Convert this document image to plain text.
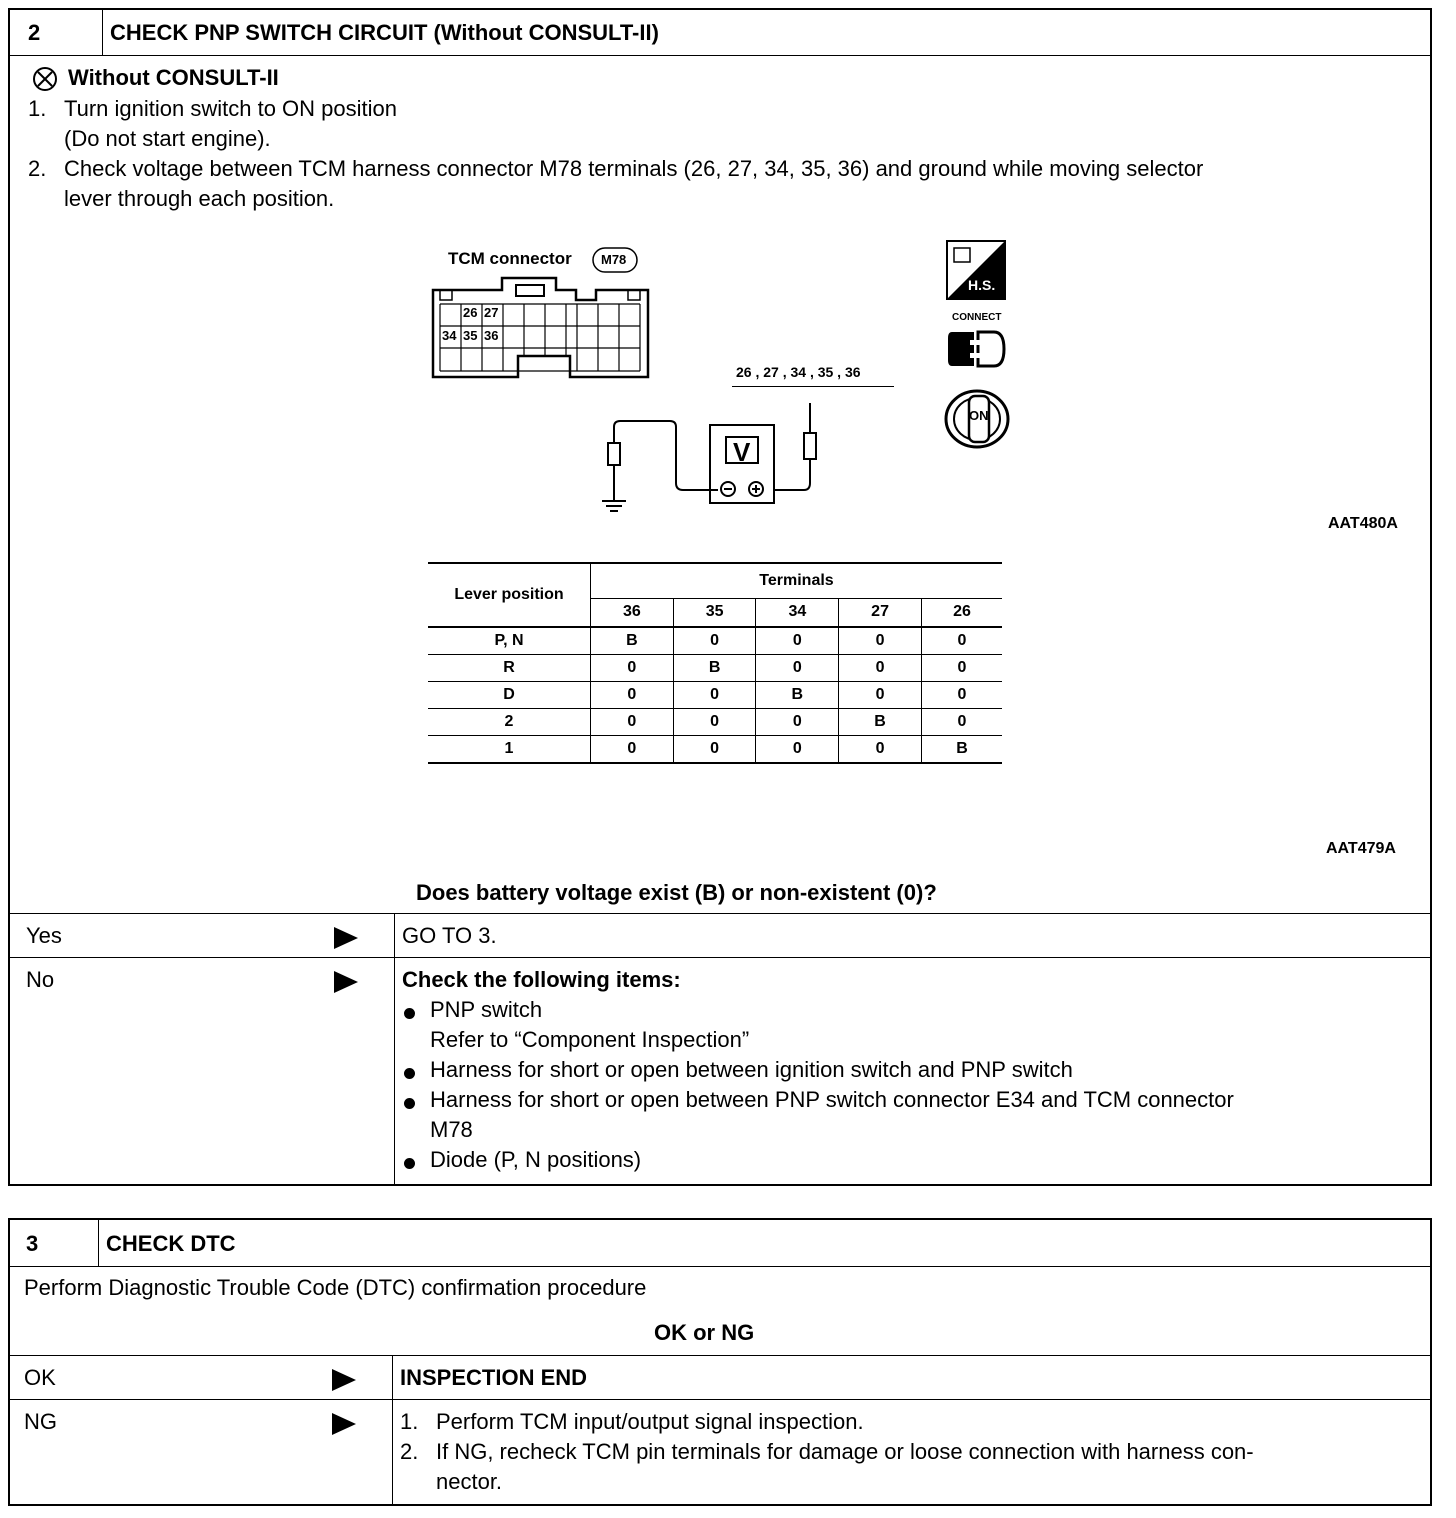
2	CHECK PNP SWITCH CIRCUIT (Without CONSULT-II)
Without CONSULT-II
1. Turn ignition switch to ON position
(Do not start engine).
2. Check voltage between TCM harness connector M78 terminals (26, 27, 34, 35, 36) and ground while moving selector
lever through each position.
TCM connector M78
26 27
34 35 36
26 , 27 , 34 , 35 , 36
V
H.S.
CONNECT
ON
AAT480A
Lever position	Terminals				
	36	35	34	27	26
P, N	B	0	0	0	0
R	0	B	0	0	0
D	0	0	B	0	0
2	0	0	0	B	0
1	0	0	0	0	B
AAT479A
Does battery voltage exist (B) or non-existent (0)?
Yes	GO TO 3.
No	Check the following items:
PNP switch
Refer to “Component Inspection”
Harness for short or open between ignition switch and PNP switch
Harness for short or open between PNP switch connector E34 and TCM connector
M78
Diode (P, N positions)
3	CHECK DTC
Perform Diagnostic Trouble Code (DTC) confirmation procedure
OK or NG
OK	INSPECTION END
NG	1. Perform TCM input/output signal inspection.
2. If NG, recheck TCM pin terminals for damage or loose connection with harness con-
nector.
